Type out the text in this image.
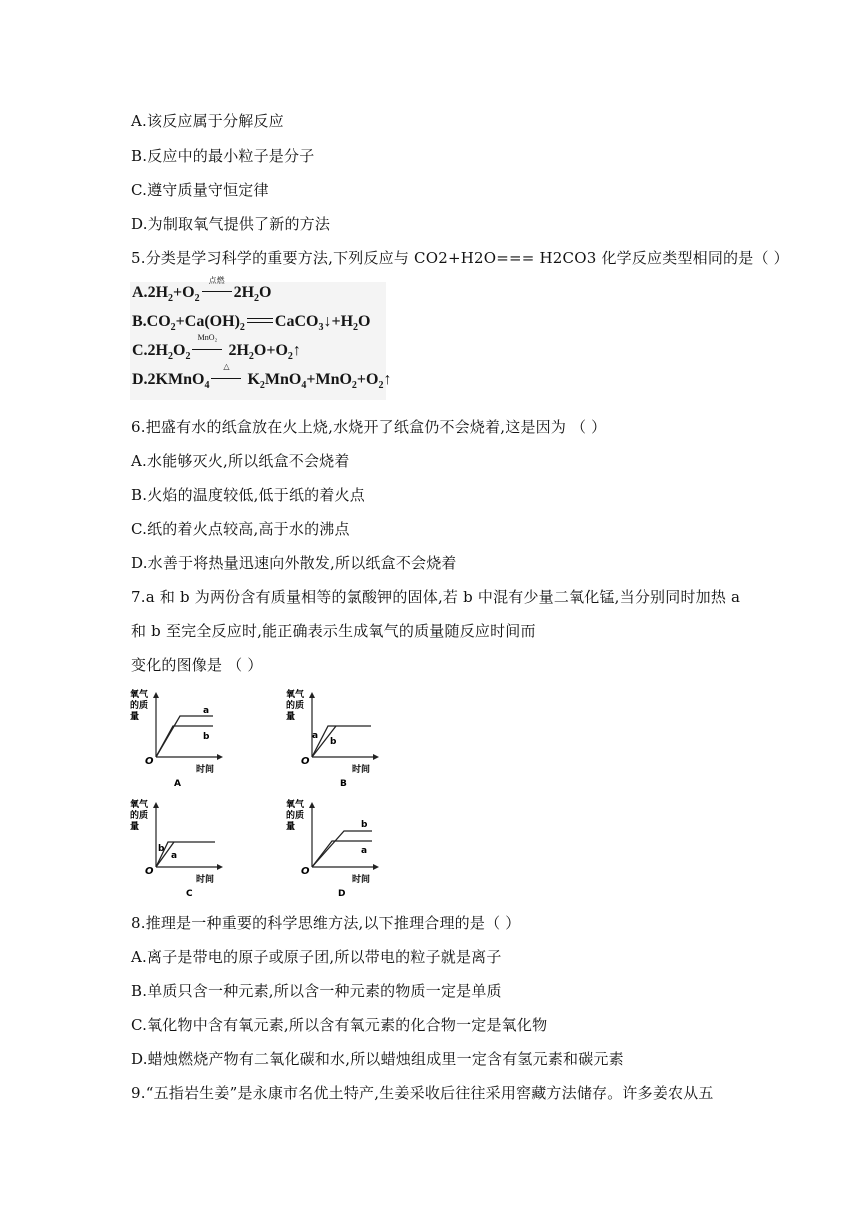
A.该反应属于分解反应
B.反应中的最小粒子是分子
C.遵守质量守恒定律
D.为制取氧气提供了新的方法
5.分类是学习科学的重要方法,下列反应与 CO2+H2O=== H2CO3 化学反应类型相同的是（ ）
$A.2H_2+O_2$
点燃
$2H_2O$
$B.CO_2+Ca(OH)_2$ $CaCO_3↓+H_2O$
$C.2H_2O_2$
MnO₂
$2H_2O+O_2↑$
D.2KMnO$_4$
△
$K_2MnO_4+MnO_2+O_2↑$
6.把盛有水的纸盒放在火上烧,水烧开了纸盒仍不会烧着,这是因为 （ ）
A.水能够灭火,所以纸盒不会烧着
B.火焰的温度较低,低于纸的着火点
C.纸的着火点较高,高于水的沸点
D.水善于将热量迅速向外散发,所以纸盒不会烧着
7.a 和 b 为两份含有质量相等的氯酸钾的固体,若 b 中混有少量二氧化锰,当分别同时加热 a
和 b 至完全反应时,能正确表示生成氧气的质量随反应时间而
变化的图像是 （ ）
氧气
的质
量
O
时间
a
b
A
氧气
的质
量
O
时间
a
b
B
氧气
的质
量
O
时间
b
a
C
氧气
的质
量
O
时间
b
a
D
8.推理是一种重要的科学思维方法,以下推理合理的是（ ）
A.离子是带电的原子或原子团,所以带电的粒子就是离子
B.单质只含一种元素,所以含一种元素的物质一定是单质
C.氧化物中含有氧元素,所以含有氧元素的化合物一定是氧化物
D.蜡烛燃烧产物有二氧化碳和水,所以蜡烛组成里一定含有氢元素和碳元素
9.“五指岩生姜”是永康市名优土特产,生姜采收后往往采用窖藏方法储存。许多姜农从五
